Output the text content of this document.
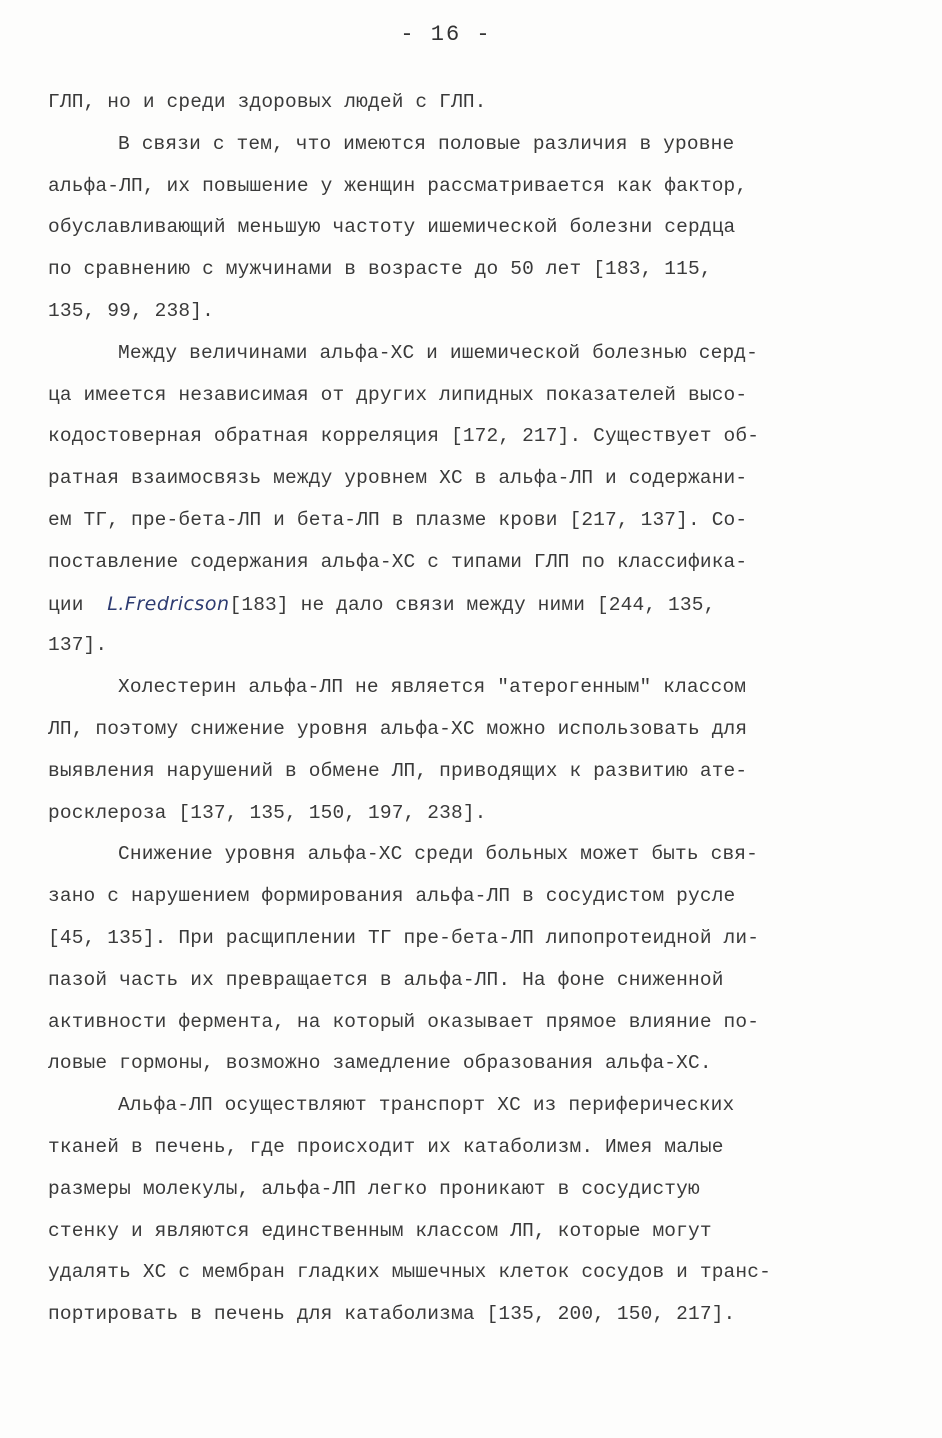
- 16 -
ГЛП, но и среди здоровых людей с ГЛП.
В связи с тем, что имеются половые различия в уровне
альфа-ЛП, их повышение у женщин рассматривается как фактор,
обуславливающий меньшую частоту ишемической болезни сердца
по сравнению с мужчинами в возрасте до 50 лет [183, 115,
135, 99, 238].
Между величинами альфа-ХС и ишемической болезнью серд-
ца имеется независимая от других липидных показателей высо-
кодостоверная обратная корреляция [172, 217]. Существует об-
ратная взаимосвязь между уровнем ХС в альфа-ЛП и содержани-
ем ТГ, пре-бета-ЛП и бета-ЛП в плазме крови [217, 137]. Со-
поставление содержания альфа-ХС с типами ГЛП по классифика-
ции  L.Fredricson[183] не дало связи между ними [244, 135,
137].
Холестерин альфа-ЛП не является "атерогенным" классом
ЛП, поэтому снижение уровня альфа-ХС можно использовать для
выявления нарушений в обмене ЛП, приводящих к развитию ате-
росклероза [137, 135, 150, 197, 238].
Снижение уровня альфа-ХС среди больных может быть свя-
зано с нарушением формирования альфа-ЛП в сосудистом русле
[45, 135]. При расщиплении ТГ пре-бета-ЛП липопротеидной ли-
пазой часть их превращается в альфа-ЛП. На фоне сниженной
активности фермента, на который оказывает прямое влияние по-
ловые гормоны, возможно замедление образования альфа-ХС.
Альфа-ЛП осуществляют транспорт ХС из периферических
тканей в печень, где происходит их катаболизм. Имея малые
размеры молекулы, альфа-ЛП легко проникают в сосудистую
стенку и являются единственным классом ЛП, которые могут
удалять ХС с мембран гладких мышечных клеток сосудов и транс-
портировать в печень для катаболизма [135, 200, 150, 217].
